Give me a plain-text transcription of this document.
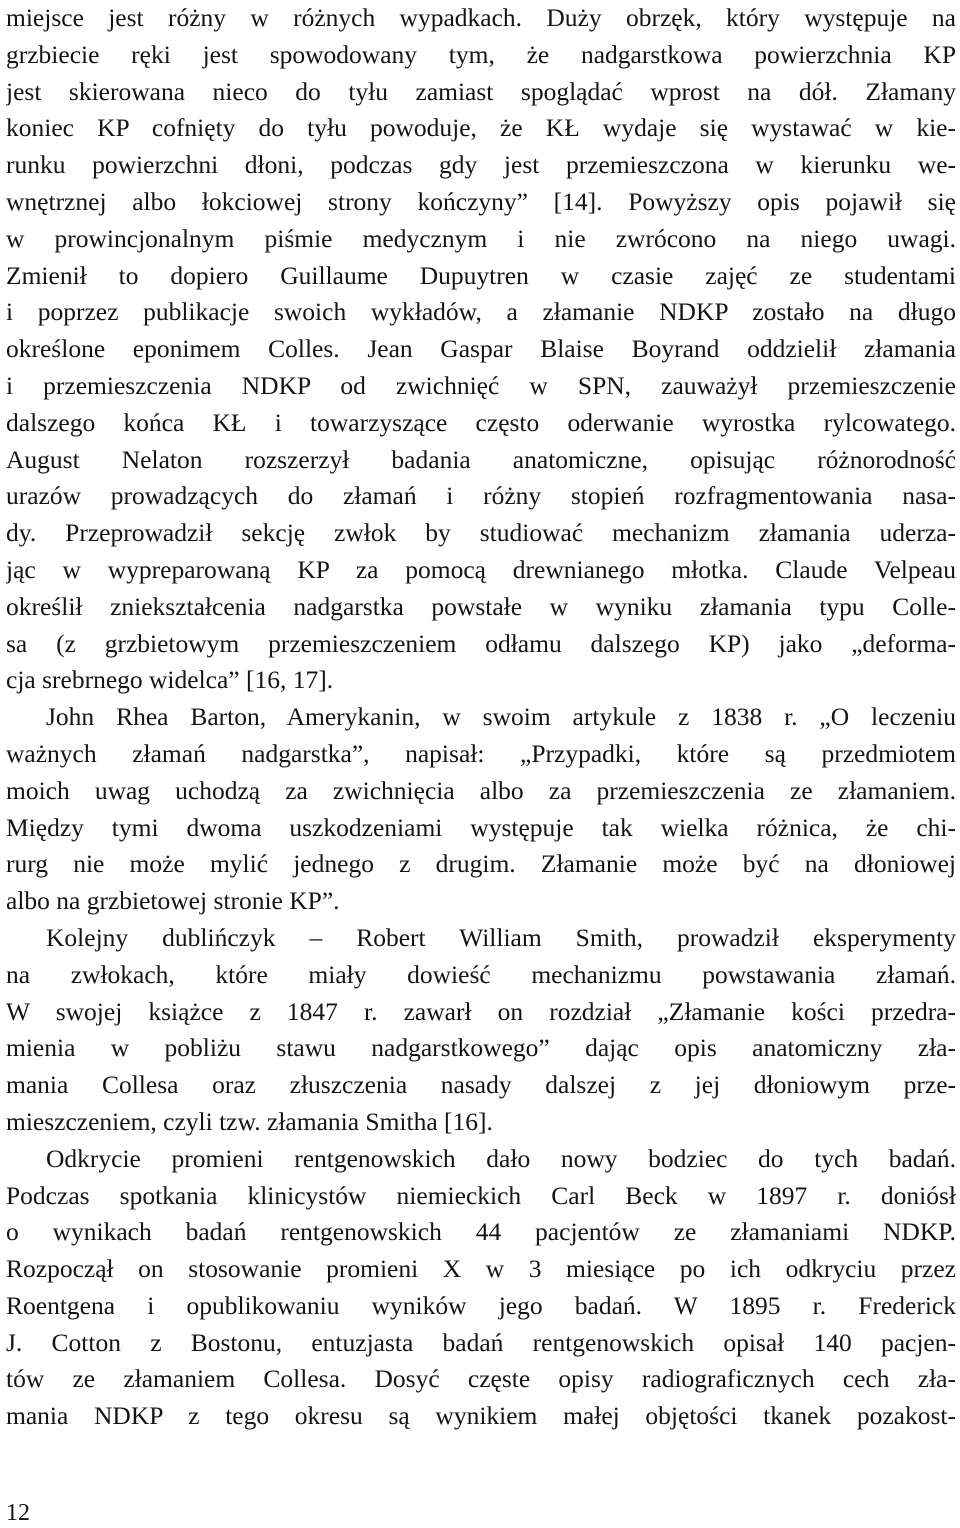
miejsce jest różny w różnych wypadkach. Duży obrzęk, który występuje na
grzbiecie ręki jest spowodowany tym, że nadgarstkowa powierzchnia KP
jest skierowana nieco do tyłu zamiast spoglądać wprost na dół. Złamany
koniec KP cofnięty do tyłu powoduje, że KŁ wydaje się wystawać w kie-
runku powierzchni dłoni, podczas gdy jest przemieszczona w kierunku we-
wnętrznej albo łokciowej strony kończyny” [14]. Powyższy opis pojawił się
w prowincjonalnym piśmie medycznym i nie zwrócono na niego uwagi.
Zmienił to dopiero Guillaume Dupuytren w czasie zajęć ze studentami
i poprzez publikacje swoich wykładów, a złamanie NDKP zostało na długo
określone eponimem Colles. Jean Gaspar Blaise Boyrand oddzielił złamania
i przemieszczenia NDKP od zwichnięć w SPN, zauważył przemieszczenie
dalszego końca KŁ i towarzyszące często oderwanie wyrostka rylcowatego.
August Nelaton rozszerzył badania anatomiczne, opisując różnorodność
urazów prowadzących do złamań i różny stopień rozfragmentowania nasa-
dy. Przeprowadził sekcję zwłok by studiować mechanizm złamania uderza-
jąc w wypreparowaną KP za pomocą drewnianego młotka. Claude Velpeau
określił zniekształcenia nadgarstka powstałe w wyniku złamania typu Colle-
sa (z grzbietowym przemieszczeniem odłamu dalszego KP) jako „deforma-
cja srebrnego widelca” [16, 17].
John Rhea Barton, Amerykanin, w swoim artykule z 1838 r. „O leczeniu
ważnych złamań nadgarstka”, napisał: „Przypadki, które są przedmiotem
moich uwag uchodzą za zwichnięcia albo za przemieszczenia ze złamaniem.
Między tymi dwoma uszkodzeniami występuje tak wielka różnica, że chi-
rurg nie może mylić jednego z drugim. Złamanie może być na dłoniowej
albo na grzbietowej stronie KP”.
Kolejny dublińczyk – Robert William Smith, prowadził eksperymenty
na zwłokach, które miały dowieść mechanizmu powstawania złamań.
W swojej książce z 1847 r. zawarł on rozdział „Złamanie kości przedra-
mienia w pobliżu stawu nadgarstkowego” dając opis anatomiczny zła-
mania Collesa oraz złuszczenia nasady dalszej z jej dłoniowym prze-
mieszczeniem, czyli tzw. złamania Smitha [16].
Odkrycie promieni rentgenowskich dało nowy bodziec do tych badań.
Podczas spotkania klinicystów niemieckich Carl Beck w 1897 r. doniósł
o wynikach badań rentgenowskich 44 pacjentów ze złamaniami NDKP.
Rozpoczął on stosowanie promieni X w 3 miesiące po ich odkryciu przez
Roentgena i opublikowaniu wyników jego badań. W 1895 r. Frederick
J. Cotton z Bostonu, entuzjasta badań rentgenowskich opisał 140 pacjen-
tów ze złamaniem Collesa. Dosyć częste opisy radiograficznych cech zła-
mania NDKP z tego okresu są wynikiem małej objętości tkanek pozakost-
12
